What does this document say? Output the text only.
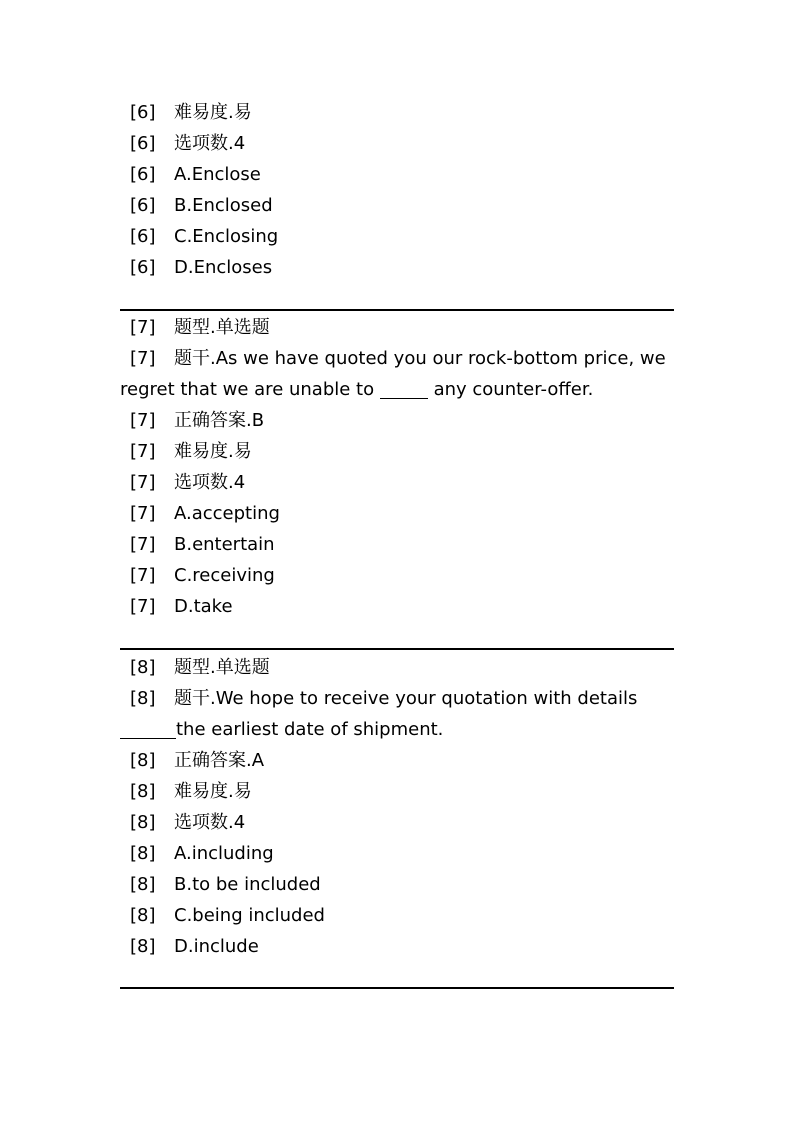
[6] 难易度.易
[6] 选项数.4
[6] A.Enclose
[6] B.Enclosed
[6] C.Enclosing
[6] D.Encloses
[7] 题型.单选题
[7] 题干.As we have quoted you our rock-bottom price, we
regret that we are unable to	any counter-offer.
[7] 正确答案.B
[7] 难易度.易
[7] 选项数.4
[7] A.accepting
[7] B.entertain
[7] C.receiving
[7] D.take
[8] 题型.单选题
[8] 题干.We hope to receive your quotation with details
the earliest date of shipment.
[8] 正确答案.A
[8] 难易度.易
[8] 选项数.4
[8] A.including
[8] B.to be included
[8] C.being included
[8] D.include
